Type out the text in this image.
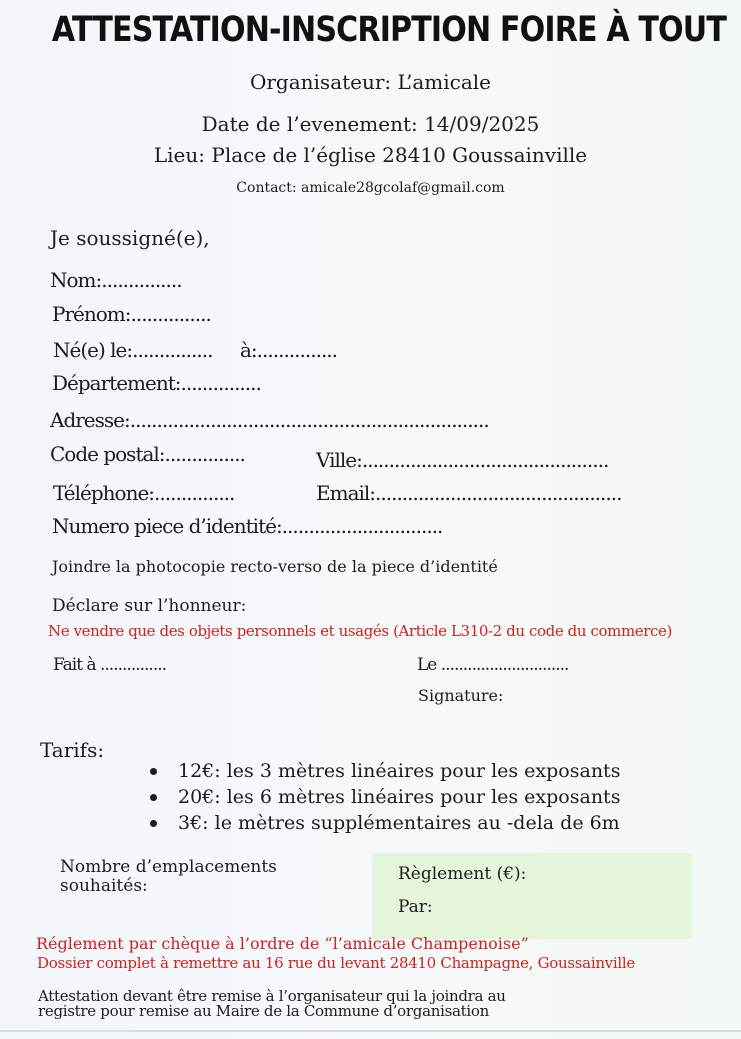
ATTESTATION-INSCRIPTION FOIRE À TOUT
Organisateur: L’amicale
Date de l’evenement: 14/09/2025
Lieu: Place de l’église 28410 Goussainville
Contact: amicale28gcolaf@gmail.com
Je soussigné(e),
Nom:...............
Prénom:...............
Né(e) le:............... à:...............
Département:...............
Adresse:...................................................................
Code postal:...............	Ville:..............................................
Téléphone:...............	Email:..............................................
Numero piece d’identité:..............................
Joindre la photocopie recto-verso de la piece d’identité
Déclare sur l’honneur:
Ne vendre que des objets personnels et usagés (Article L310-2 du code du commerce)
Fait à ...............	Le .............................
Signature:
Tarifs:
12€: les 3 mètres linéaires pour les exposants
20€: les 6 mètres linéaires pour les exposants
3€: le mètres supplémentaires au -dela de 6m
Nombre d’emplacements
souhaités:
Règlement (€):
Par:
Réglement par chèque à l’ordre de “l’amicale Champenoise”
Dossier complet à remettre au 16 rue du levant 28410 Champagne, Goussainville
Attestation devant être remise à l’organisateur qui la joindra au
registre pour remise au Maire de la Commune d’organisation
